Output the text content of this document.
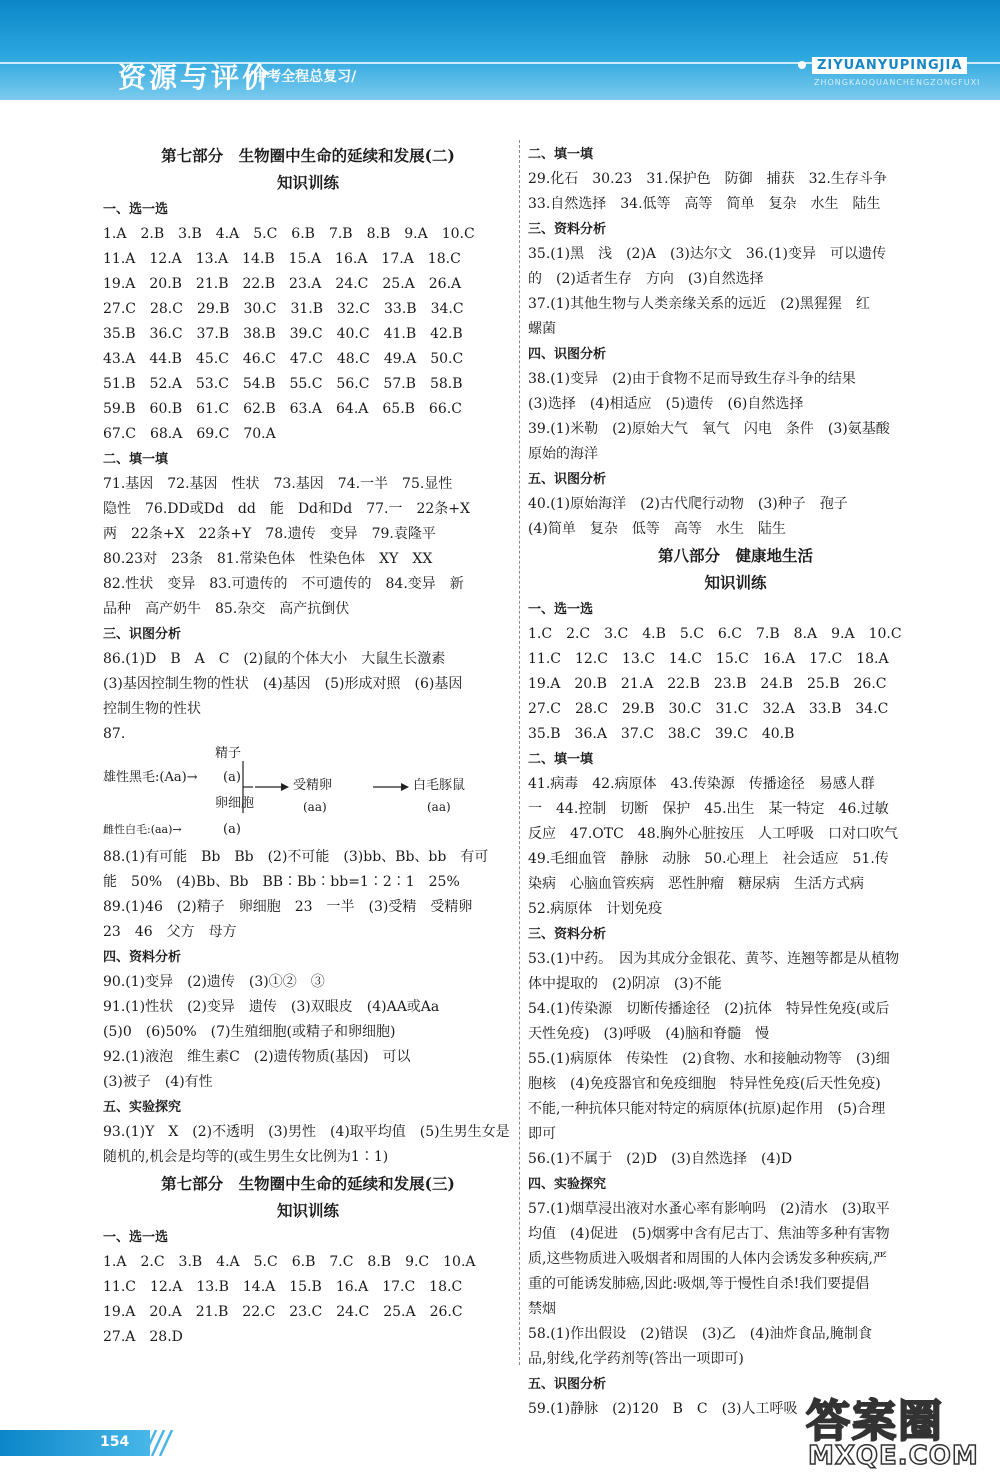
资源与评价
/中考全程总复习/
ZIYUANYUPINGJIA
ZHONGKAOQUANCHENGZONGFUXI

第七部分　生物圈中生命的延续和发展(二)

知识训练

一、选一选

1.A　2.B　3.B　4.A　5.C　6.B　7.B　8.B　9.A　10.C

11.A　12.A　13.A　14.B　15.A　16.A　17.A　18.C

19.A　20.B　21.B　22.B　23.A　24.C　25.A　26.A

27.C　28.C　29.B　30.C　31.B　32.C　33.B　34.C

35.B　36.C　37.B　38.B　39.C　40.C　41.B　42.B

43.A　44.B　45.C　46.C　47.C　48.C　49.A　50.C

51.B　52.A　53.C　54.B　55.C　56.C　57.B　58.B

59.B　60.B　61.C　62.B　63.A　64.A　65.B　66.C

67.C　68.A　69.C　70.A

二、填一填

71.基因　72.基因　性状　73.基因　74.一半　75.显性

隐性　76.DD或Dd　dd　能　Dd和Dd　77.一　22条+X

两　22条+X　22条+Y　78.遗传　变异　79.袁隆平

80.23对　23条　81.常染色体　性染色体　XY　XX

82.性状　变异　83.可遗传的　不可遗传的　84.变异　新

品种　高产奶牛　85.杂交　高产抗倒伏

三、识图分析

86.(1)D　B　A　C　(2)鼠的个体大小　大鼠生长激素

(3)基因控制生物的性状　(4)基因　(5)形成对照　(6)基因

控制生物的性状

87.

精子
(a)
雄性黑毛:(Aa)→
卵细胞
雌性白毛:(aa)→	(a)
受精卵
(aa)
白毛豚鼠
(aa)

88.(1)有可能　Bb　Bb　(2)不可能　(3)bb、Bb、bb　有可

能　50%　(4)Bb、Bb　BB∶Bb∶bb=1∶2∶1　25%

89.(1)46　(2)精子　卵细胞　23　一半　(3)受精　受精卵

23　46　父方　母方

四、资料分析

90.(1)变异　(2)遗传　(3)①②　③

91.(1)性状　(2)变异　遗传　(3)双眼皮　(4)AA或Aa

(5)0　(6)50%　(7)生殖细胞(或精子和卵细胞)

92.(1)液泡　维生素C　(2)遗传物质(基因)　可以

(3)被子　(4)有性

五、实验探究

93.(1)Y　X　(2)不透明　(3)男性　(4)取平均值　(5)生男生女是随机的,机会是均等的(或生男生女比例为1∶1)

第七部分　生物圈中生命的延续和发展(三)

知识训练

一、选一选

1.A　2.C　3.B　4.A　5.C　6.B　7.C　8.B　9.C　10.A

11.C　12.A　13.B　14.A　15.B　16.A　17.C　18.C

19.A　20.A　21.B　22.C　23.C　24.C　25.A　26.C

27.A　28.D

二、填一填

29.化石　30.23　31.保护色　防御　捕获　32.生存斗争

33.自然选择　34.低等　高等　简单　复杂　水生　陆生

三、资料分析

35.(1)黑　浅　(2)A　(3)达尔文　36.(1)变异　可以遗传

的　(2)适者生存　方向　(3)自然选择

37.(1)其他生物与人类亲缘关系的远近　(2)黑猩猩　红

螺菌

四、识图分析

38.(1)变异　(2)由于食物不足而导致生存斗争的结果

(3)选择　(4)相适应　(5)遗传　(6)自然选择

39.(1)米勒　(2)原始大气　氧气　闪电　条件　(3)氨基酸

原始的海洋

五、识图分析

40.(1)原始海洋　(2)古代爬行动物　(3)种子　孢子

(4)简单　复杂　低等　高等　水生　陆生

第八部分　健康地生活

知识训练

一、选一选

1.C　2.C　3.C　4.B　5.C　6.C　7.B　8.A　9.A　10.C

11.C　12.C　13.C　14.C　15.C　16.A　17.C　18.A

19.A　20.B　21.A　22.B　23.B　24.B　25.B　26.C

27.C　28.C　29.B　30.C　31.C　32.A　33.B　34.C

35.B　36.A　37.C　38.C　39.C　40.B

二、填一填

41.病毒　42.病原体　43.传染源　传播途径　易感人群

一　44.控制　切断　保护　45.出生　某一特定　46.过敏

反应　47.OTC　48.胸外心脏按压　人工呼吸　口对口吹气

49.毛细血管　静脉　动脉　50.心理上　社会适应　51.传

染病　心脑血管疾病　恶性肿瘤　糖尿病　生活方式病

52.病原体　计划免疫

三、资料分析

53.(1)中药。　因为其成分金银花、黄芩、连翘等都是从植物

体中提取的　(2)阴凉　(3)不能

54.(1)传染源　切断传播途径　(2)抗体　特异性免疫(或后

天性免疫)　(3)呼吸　(4)脑和脊髓　慢

55.(1)病原体　传染性　(2)食物、水和接触动物等　(3)细

胞核　(4)免疫器官和免疫细胞　特异性免疫(后天性免疫)

不能,一种抗体只能对特定的病原体(抗原)起作用　(5)合理

即可

56.(1)不属于　(2)D　(3)自然选择　(4)D

四、实验探究

57.(1)烟草浸出液对水蚤心率有影响吗　(2)清水　(3)取平

均值　(4)促进　(5)烟雾中含有尼古丁、焦油等多种有害物

质,这些物质进入吸烟者和周围的人体内会诱发多种疾病,严

重的可能诱发肺癌,因此:吸烟,等于慢性自杀!我们要提倡

禁烟

58.(1)作出假设　(2)错误　(3)乙　(4)油炸食品,腌制食

品,射线,化学药剂等(答出一项即可)

五、识图分析

59.(1)静脉　(2)120　B　C　(3)人工呼吸

154	答案圈
MXQE.COM
